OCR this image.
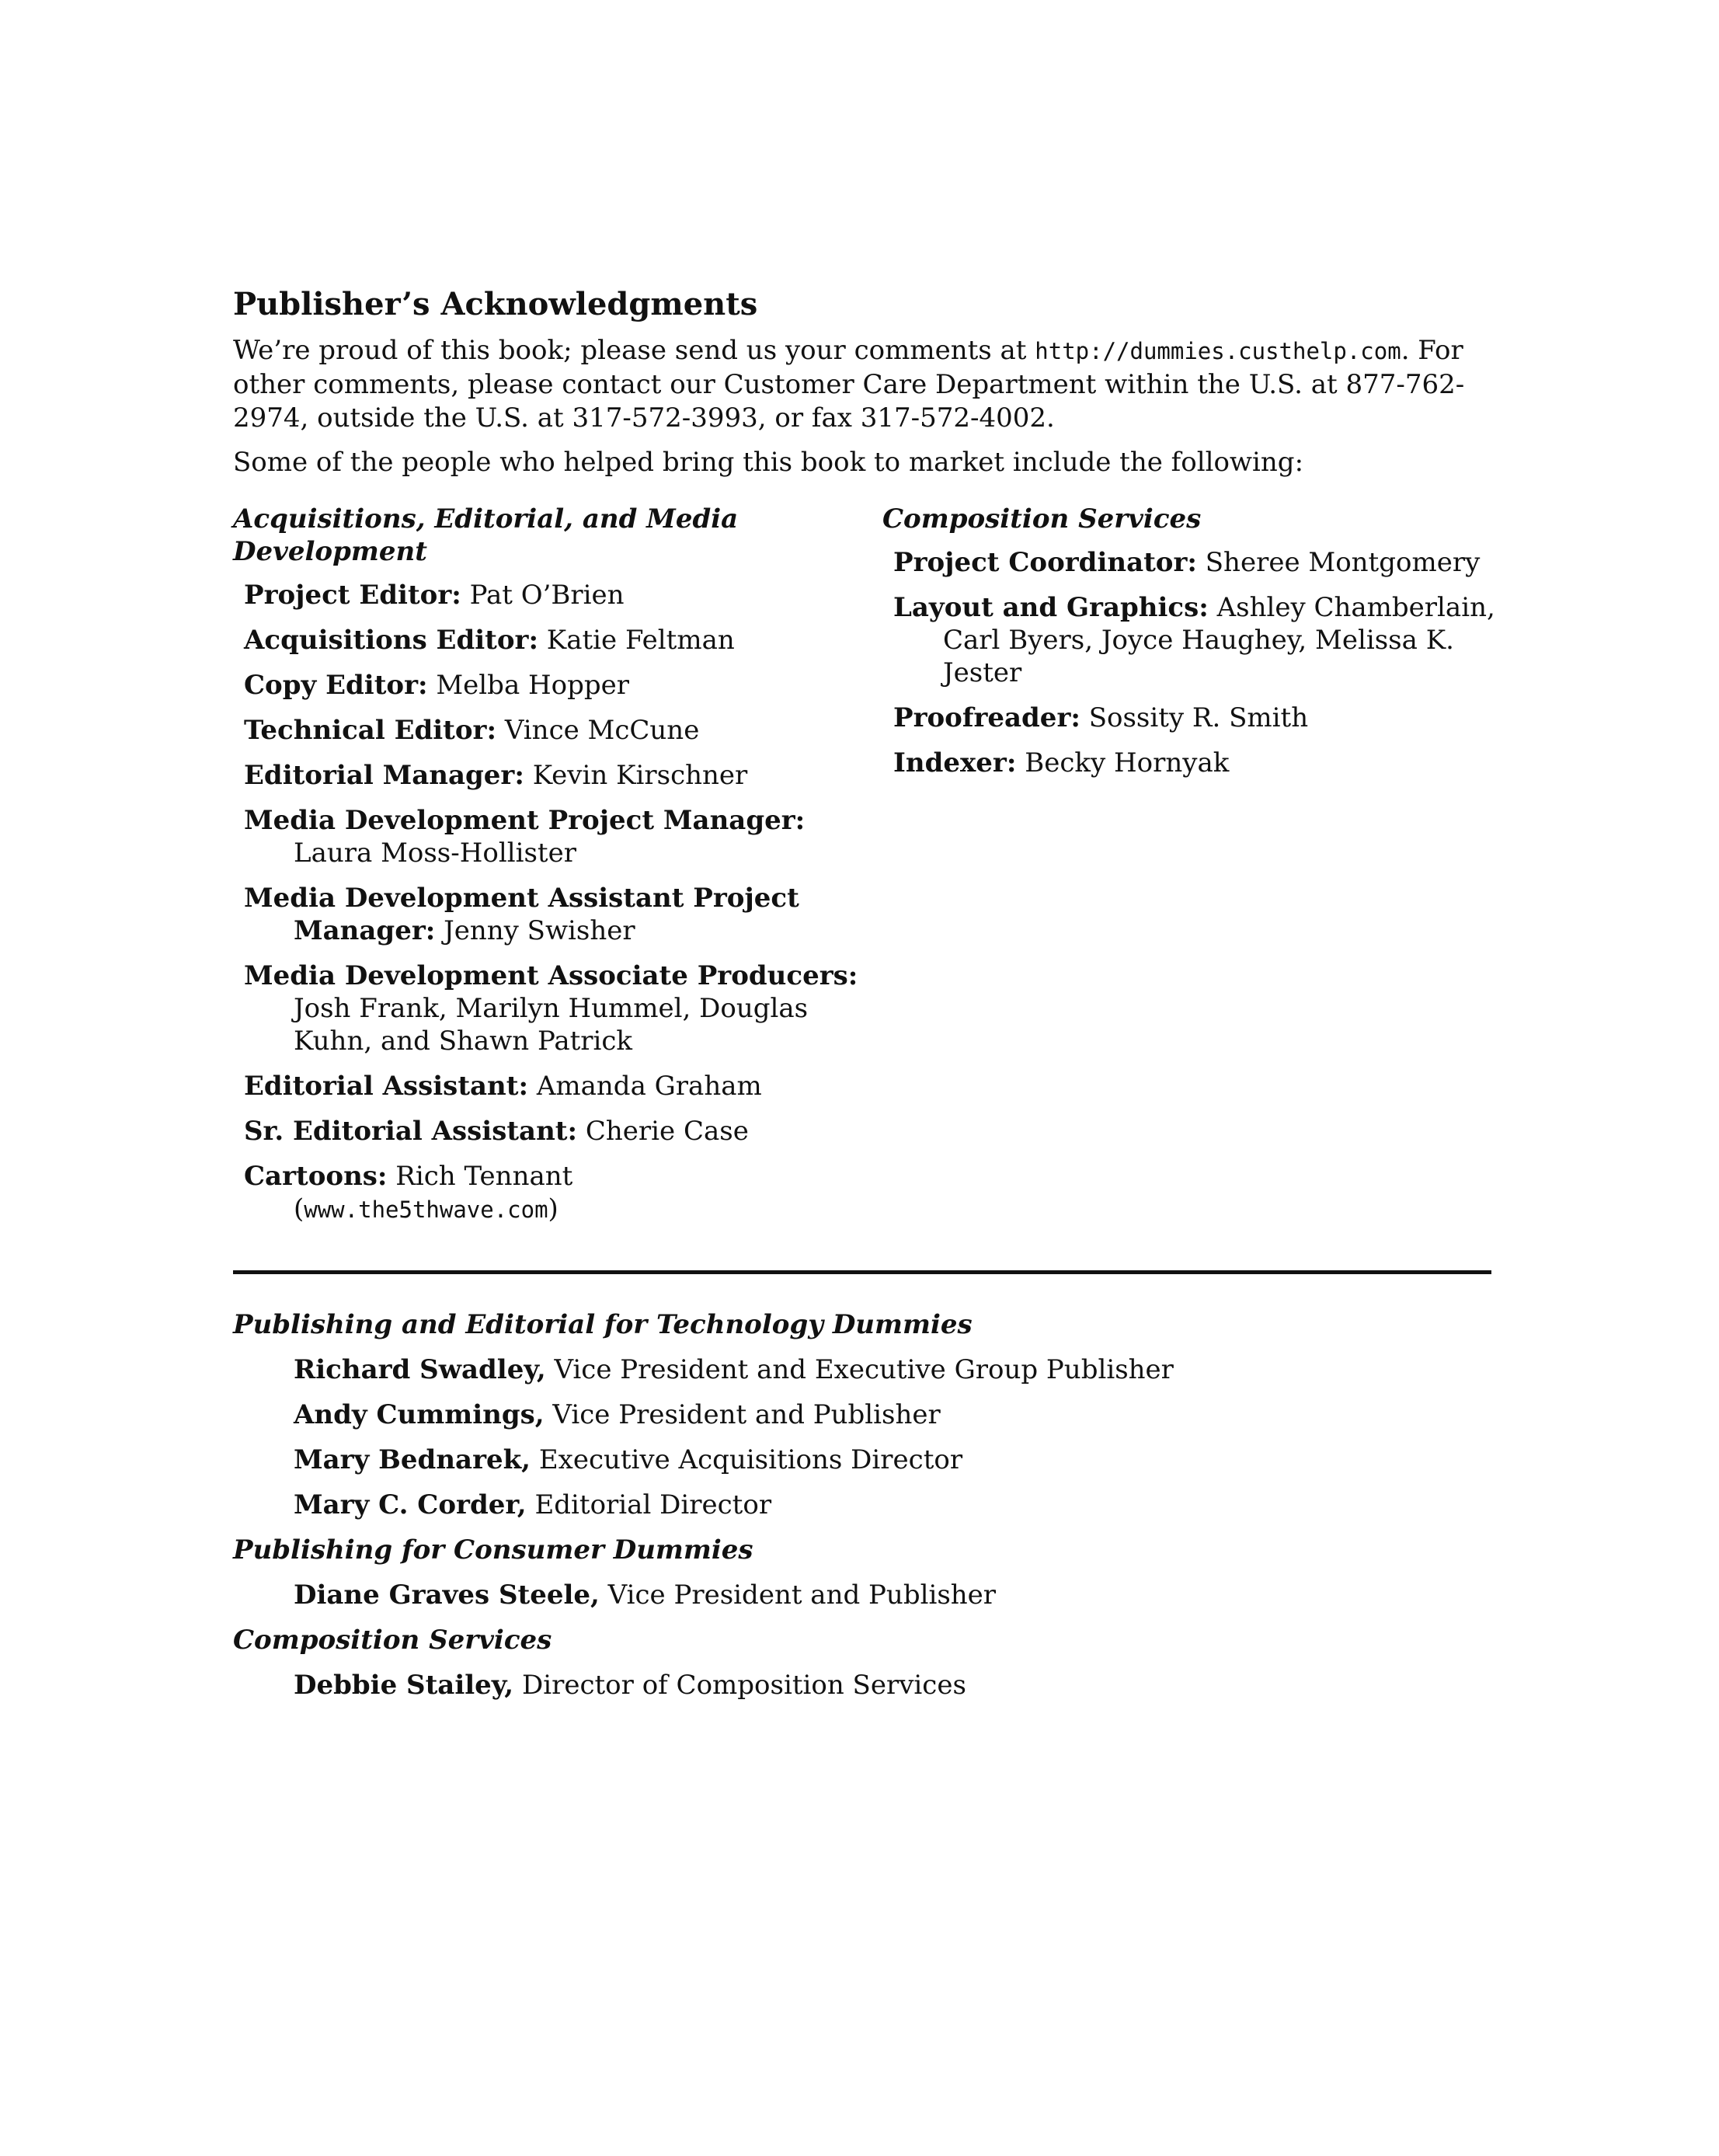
Publisher’s Acknowledgments

We’re proud of this book; please send us your comments at http://dummies.custhelp.com. For other comments, please contact our Customer Care Department within the U.S. at 877-762-2974, outside the U.S. at 317-572-3993, or fax 317-572-4002.

Some of the people who helped bring this book to market include the following:

Acquisitions, Editorial, and Media Development
Project Editor: Pat O’Brien
Acquisitions Editor: Katie Feltman
Copy Editor: Melba Hopper
Technical Editor: Vince McCune
Editorial Manager: Kevin Kirschner
Media Development Project Manager: Laura Moss-Hollister
Media Development Assistant Project Manager: Jenny Swisher
Media Development Associate Producers: Josh Frank, Marilyn Hummel, Douglas Kuhn, and Shawn Patrick
Editorial Assistant: Amanda Graham
Sr. Editorial Assistant: Cherie Case
Cartoons: Rich Tennant
(www.the5thwave.com)
Composition Services
Project Coordinator: Sheree Montgomery
Layout and Graphics: Ashley Chamberlain, Carl Byers, Joyce Haughey, Melissa K. Jester
Proofreader: Sossity R. Smith
Indexer: Becky Hornyak
Publishing and Editorial for Technology Dummies
Richard Swadley, Vice President and Executive Group Publisher
Andy Cummings, Vice President and Publisher
Mary Bednarek, Executive Acquisitions Director
Mary C. Corder, Editorial Director
Publishing for Consumer Dummies
Diane Graves Steele, Vice President and Publisher
Composition Services
Debbie Stailey, Director of Composition Services
